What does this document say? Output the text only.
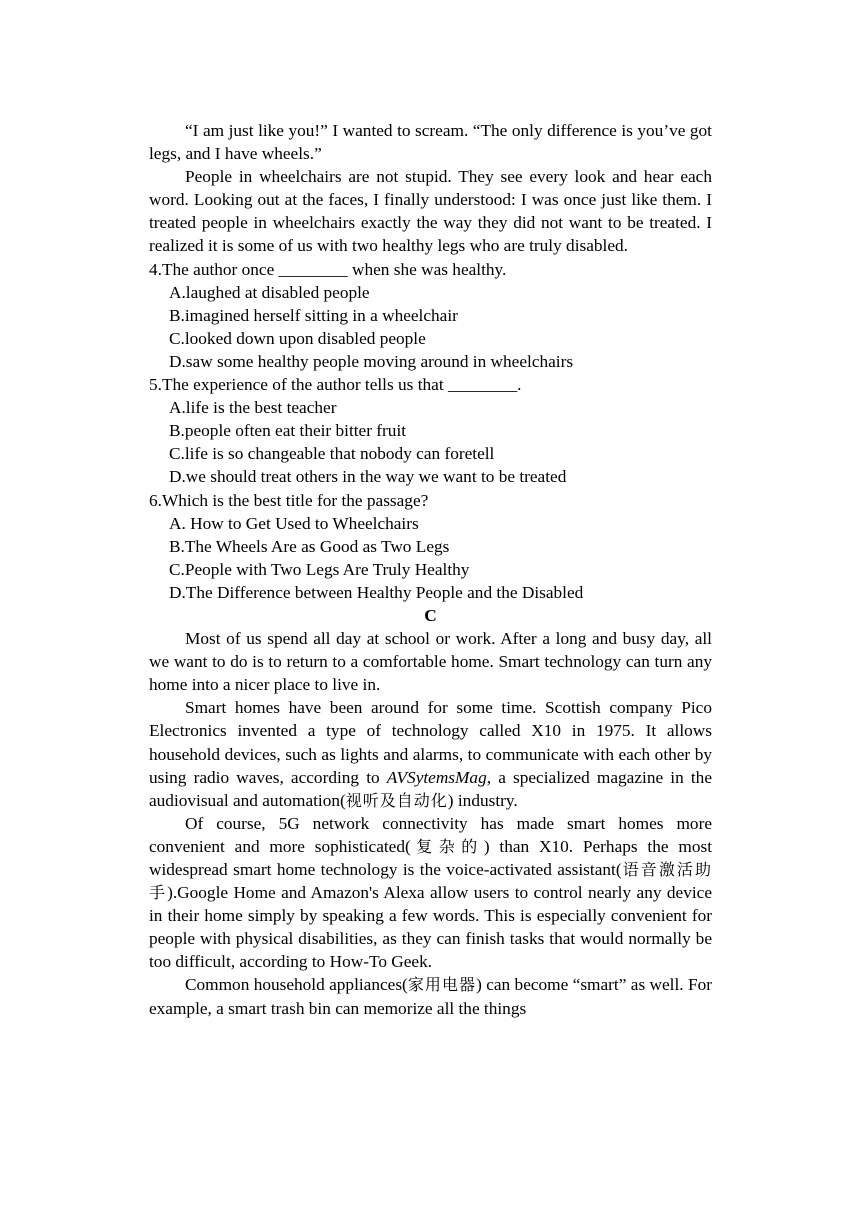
“I am just like you!” I wanted to scream. “The only difference is you’ve got legs, and I have wheels.”

People in wheelchairs are not stupid. They see every look and hear each word. Looking out at the faces, I finally understood: I was once just like them. I treated people in wheelchairs exactly the way they did not want to be treated. I realized it is some of us with two healthy legs who are truly disabled.

4.The author once ________ when she was healthy.

A.laughed at disabled people

B.imagined herself sitting in a wheelchair

C.looked down upon disabled people

D.saw some healthy people moving around in wheelchairs

5.The experience of the author tells us that ________.

A.life is the best teacher

B.people often eat their bitter fruit

C.life is so changeable that nobody can foretell

D.we should treat others in the way we want to be treated

6.Which is the best title for the passage?

A. How to Get Used to Wheelchairs

B.The Wheels Are as Good as Two Legs

C.People with Two Legs Are Truly Healthy

D.The Difference between Healthy People and the Disabled

C

Most of us spend all day at school or work. After a long and busy day, all we want to do is to return to a comfortable home. Smart technology can turn any home into a nicer place to live in.

Smart homes have been around for some time. Scottish company Pico Electronics invented a type of technology called X10 in 1975. It allows household devices, such as lights and alarms, to communicate with each other by using radio waves, according to AVSytemsMag, a specialized magazine in the audiovisual and automation(视听及自动化) industry.

Of course, 5G network connectivity has made smart homes more convenient and more sophisticated(复杂的) than X10. Perhaps the most widespread smart home technology is the voice-activated assistant(语音激活助手).Google Home and Amazon's Alexa allow users to control nearly any device in their home simply by speaking a few words. This is especially convenient for people with physical disabilities, as they can finish tasks that would normally be too difficult, according to How-To Geek.

Common household appliances(家用电器) can become “smart” as well. For example, a smart trash bin can memorize all the things
